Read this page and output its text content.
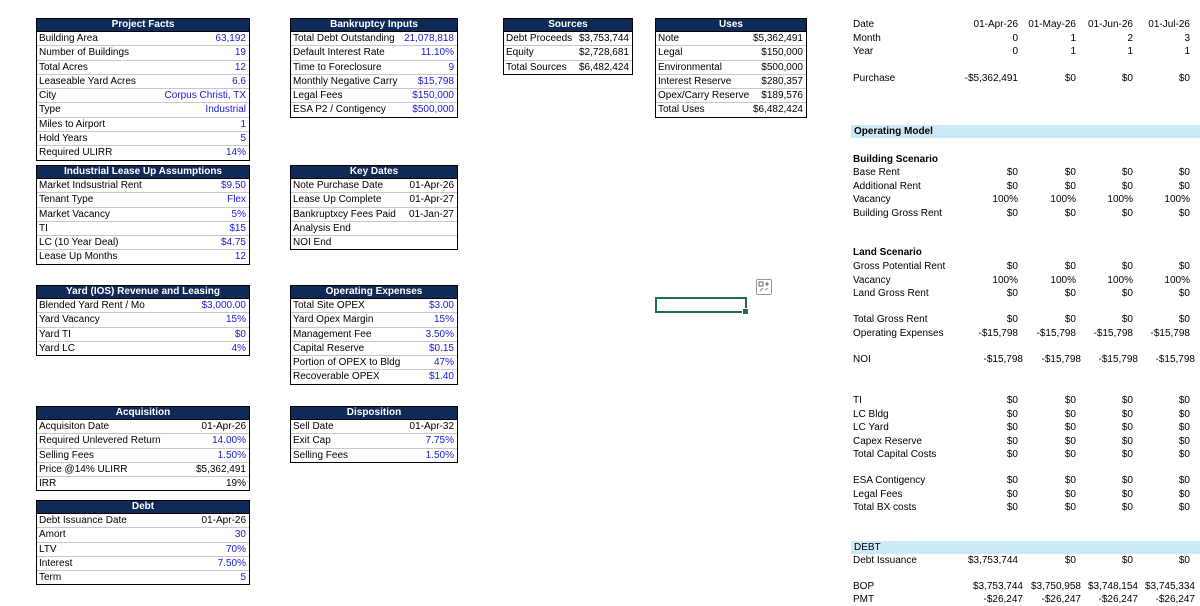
Project Facts
Building Area	63,192
Number of Buildings	19
Total Acres	12
Leaseable Yard Acres	6.6
City	Corpus Christi, TX
Type	Industrial
Miles to Airport	1
Hold Years	5
Required ULIRR	14%
Industrial Lease Up Assumptions
Market Indsustrial Rent	$9.50
Tenant Type	Flex
Market Vacancy	5%
TI	$15
LC (10 Year Deal)	$4.75
Lease Up Months	12
Yard (IOS) Revenue and Leasing
Blended Yard Rent / Mo	$3,000.00
Yard Vacancy	15%
Yard TI	$0
Yard LC	4%
Acquisition
Acquisiton Date	01-Apr-26
Required Unlevered Return	14.00%
Selling Fees	1.50%
Price @14% ULIRR	$5,362,491
IRR	19%
Debt
Debt Issuance Date	01-Apr-26
Amort	30
LTV	70%
Interest	7.50%
Term	5
Bankruptcy Inputs
Total Debt Outstanding 21,078,818
Default Interest Rate	11.10%
Time to Foreclosure	9
Monthly Negative Carry	$15,798
Legal Fees	$150,000
ESA P2 / Contigency	$500,000
Key Dates
Note Purchase Date	01-Apr-26
Lease Up Complete	01-Apr-27
Bankruptxcy Fees Paid	01-Jan-27
Analysis End
NOI End
Operating Expenses
Total Site OPEX	$3.00
Yard Opex Margin	15%
Management Fee	3.50%
Capital Reserve	$0.15
Portion of OPEX to Bldg	47%
Recoverable OPEX	$1.40
Disposition
Sell Date	01-Apr-32
Exit Cap	7.75%
Selling Fees	1.50%
Sources
Debt Proceeds $3,753,744
Equity	$2,728,681
Total Sources	$6,482,424
Uses
Note	$5,362,491
Legal	$150,000
Environmental	$500,000
Interest Reserve	$280,357
Opex/Carry Reserve	$189,576
Total Uses	$6,482,424
Date	01-Apr-26 01-May-26 01-Jun-26 01-Jul-26
Month	0	1	2	3
Year	0	1	1	1
Purchase	-$5,362,491	$0	$0	$0
Operating Model
Building Scenario
Base Rent	$0	$0	$0	$0
Additional Rent	$0	$0	$0	$0
Vacancy	100%	100%	100%	100%
Building Gross Rent	$0	$0	$0	$0
Land Scenario
Gross Potential Rent	$0	$0	$0	$0
Vacancy	100%	100%	100%	100%
Land Gross Rent	$0	$0	$0	$0
Total Gross Rent	$0	$0	$0	$0
Operating Expenses	-$15,798 -$15,798 -$15,798 -$15,798
NOI	-$15,798 -$15,798 -$15,798 -$15,798
TI	$0	$0	$0	$0
LC Bldg	$0	$0	$0	$0
LC Yard	$0	$0	$0	$0
Capex Reserve	$0	$0	$0	$0
Total Capital Costs	$0	$0	$0	$0
ESA Contigency	$0	$0	$0	$0
Legal Fees	$0	$0	$0	$0
Total BX costs	$0	$0	$0	$0
DEBT
Debt Issuance	$3,753,744	$0	$0	$0
BOP	$3,753,744 $3,750,958 $3,748,154 $3,745,334
PMT	-$26,247 -$26,247 -$26,247 -$26,247
